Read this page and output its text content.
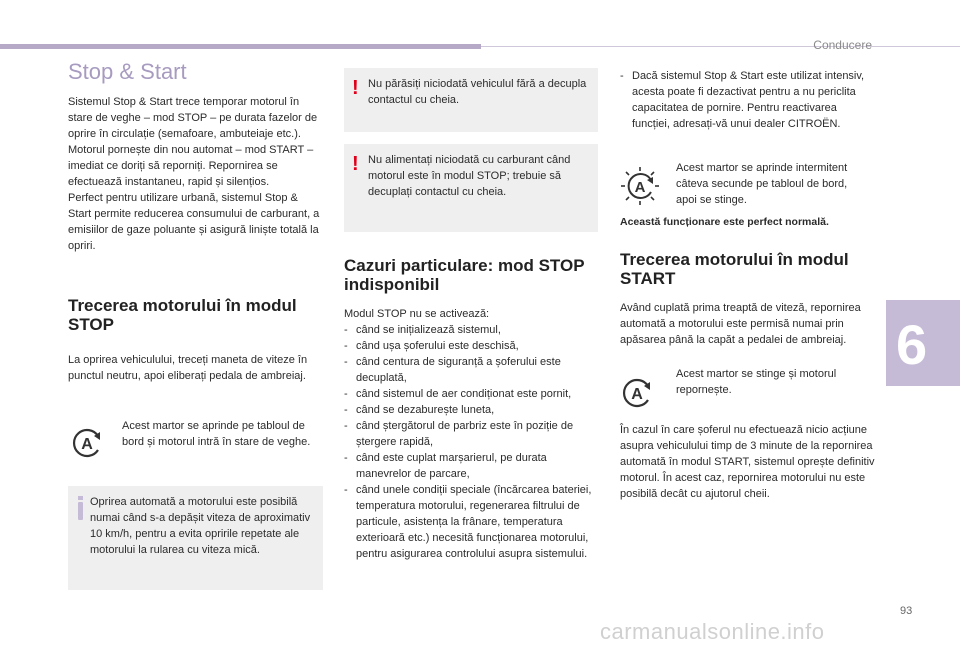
Conducere
6
Stop & Start

Sistemul Stop & Start trece temporar motorul în stare de veghe – mod STOP – pe durata fazelor de oprire în circulație (semafoare, ambuteiaje etc.). Motorul pornește din nou automat – mod START – imediat ce doriți să reporniți. Repornirea se efectuează instantaneu, rapid și silențios.

Perfect pentru utilizare urbană, sistemul Stop & Start permite reducerea consumului de carburant, a emisiilor de gaze poluante și asigură liniște totală la opriri.

Trecerea motorului în modul STOP

La oprirea vehiculului, treceți maneta de viteze în punctul neutru, apoi eliberați pedala de ambreiaj.

A
Acest martor se aprinde pe tabloul de bord și motorul intră în stare de veghe.
Oprirea automată a motorului este posibilă numai când s-a depășit viteza de aproximativ 10 km/h, pentru a evita opririle repetate ale motorului la rularea cu viteza mică.
! Nu părăsiți niciodată vehiculul fără a decupla contactul cu cheia.
! Nu alimentați niciodată cu carburant când motorul este în modul STOP; trebuie să decuplați contactul cu cheia.
Cazuri particulare: mod STOP indisponibil

Modul STOP nu se activează:

- când se inițializează sistemul,
- când ușa șoferului este deschisă,
- când centura de siguranță a șoferului este decuplată,
- când sistemul de aer condiționat este pornit,
- când se dezaburește luneta,
- când ștergătorul de parbriz este în poziție de ștergere rapidă,
- când este cuplat marșarierul, pe durata manevrelor de parcare,
- când unele condiții speciale (încărcarea bateriei, temperatura motorului, regenerarea filtrului de particule, asistența la frânare, temperatura exterioară etc.) necesită funcționarea motorului, pentru asigurarea controlului asupra sistemului.
- Dacă sistemul Stop & Start este utilizat intensiv, acesta poate fi dezactivat pentru a nu periclita capacitatea de pornire. Pentru reactivarea funcției, adresați-vă unui dealer CITROËN.
A
Acest martor se aprinde intermitent câteva secunde pe tabloul de bord, apoi se stinge.
Această funcționare este perfect normală.
Trecerea motorului în modul START

Având cuplată prima treaptă de viteză, repornirea automată a motorului este permisă numai prin apăsarea până la capăt a pedalei de ambreiaj.

A
Acest martor se stinge și motorul repornește.
În cazul în care șoferul nu efectuează nicio acțiune asupra vehiculului timp de 3 minute de la repornirea automată în modul START, sistemul oprește definitiv motorul. În acest caz, repornirea motorului nu este posibilă decât cu ajutorul cheii.
93
carmanualsonline.info
